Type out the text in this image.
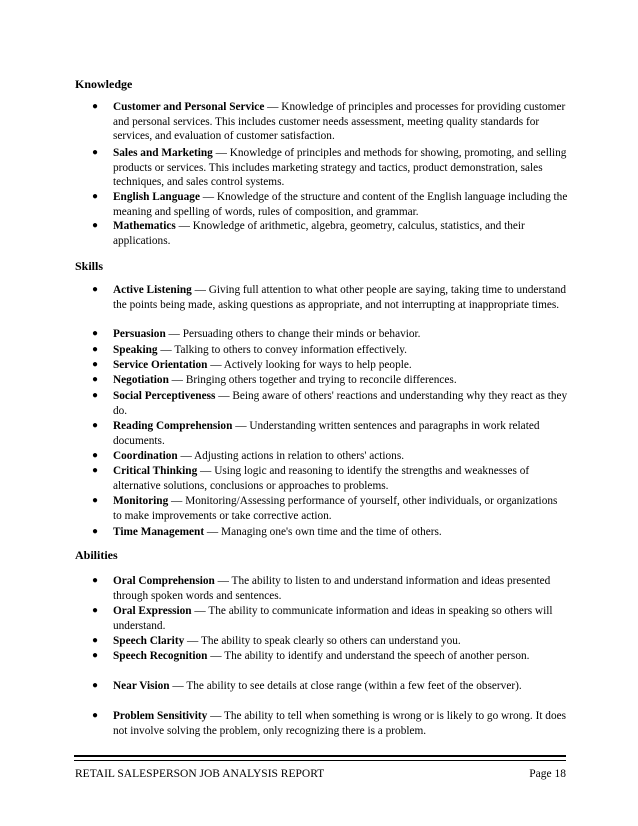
Knowledge
● Customer and Personal Service — Knowledge of principles and processes for providing customer and personal services. This includes customer needs assessment, meeting quality standards for services, and evaluation of customer satisfaction.
● Sales and Marketing — Knowledge of principles and methods for showing, promoting, and selling products or services. This includes marketing strategy and tactics, product demonstration, sales techniques, and sales control systems.
● English Language — Knowledge of the structure and content of the English language including the meaning and spelling of words, rules of composition, and grammar.
● Mathematics — Knowledge of arithmetic, algebra, geometry, calculus, statistics, and their applications.
Skills
● Active Listening — Giving full attention to what other people are saying, taking time to understand the points being made, asking questions as appropriate, and not interrupting at inappropriate times.
● Persuasion — Persuading others to change their minds or behavior.
● Speaking — Talking to others to convey information effectively.
● Service Orientation — Actively looking for ways to help people.
● Negotiation — Bringing others together and trying to reconcile differences.
● Social Perceptiveness — Being aware of others' reactions and understanding why they react as they do.
● Reading Comprehension — Understanding written sentences and paragraphs in work related documents.
● Coordination — Adjusting actions in relation to others' actions.
● Critical Thinking — Using logic and reasoning to identify the strengths and weaknesses of alternative solutions, conclusions or approaches to problems.
● Monitoring — Monitoring/Assessing performance of yourself, other individuals, or organizations to make improvements or take corrective action.
● Time Management — Managing one's own time and the time of others.
Abilities
● Oral Comprehension — The ability to listen to and understand information and ideas presented through spoken words and sentences.
● Oral Expression — The ability to communicate information and ideas in speaking so others will understand.
● Speech Clarity — The ability to speak clearly so others can understand you.
● Speech Recognition — The ability to identify and understand the speech of another person.
● Near Vision — The ability to see details at close range (within a few feet of the observer).
● Problem Sensitivity — The ability to tell when something is wrong or is likely to go wrong. It does not involve solving the problem, only recognizing there is a problem.
RETAIL SALESPERSON JOB ANALYSIS REPORT	Page 18
